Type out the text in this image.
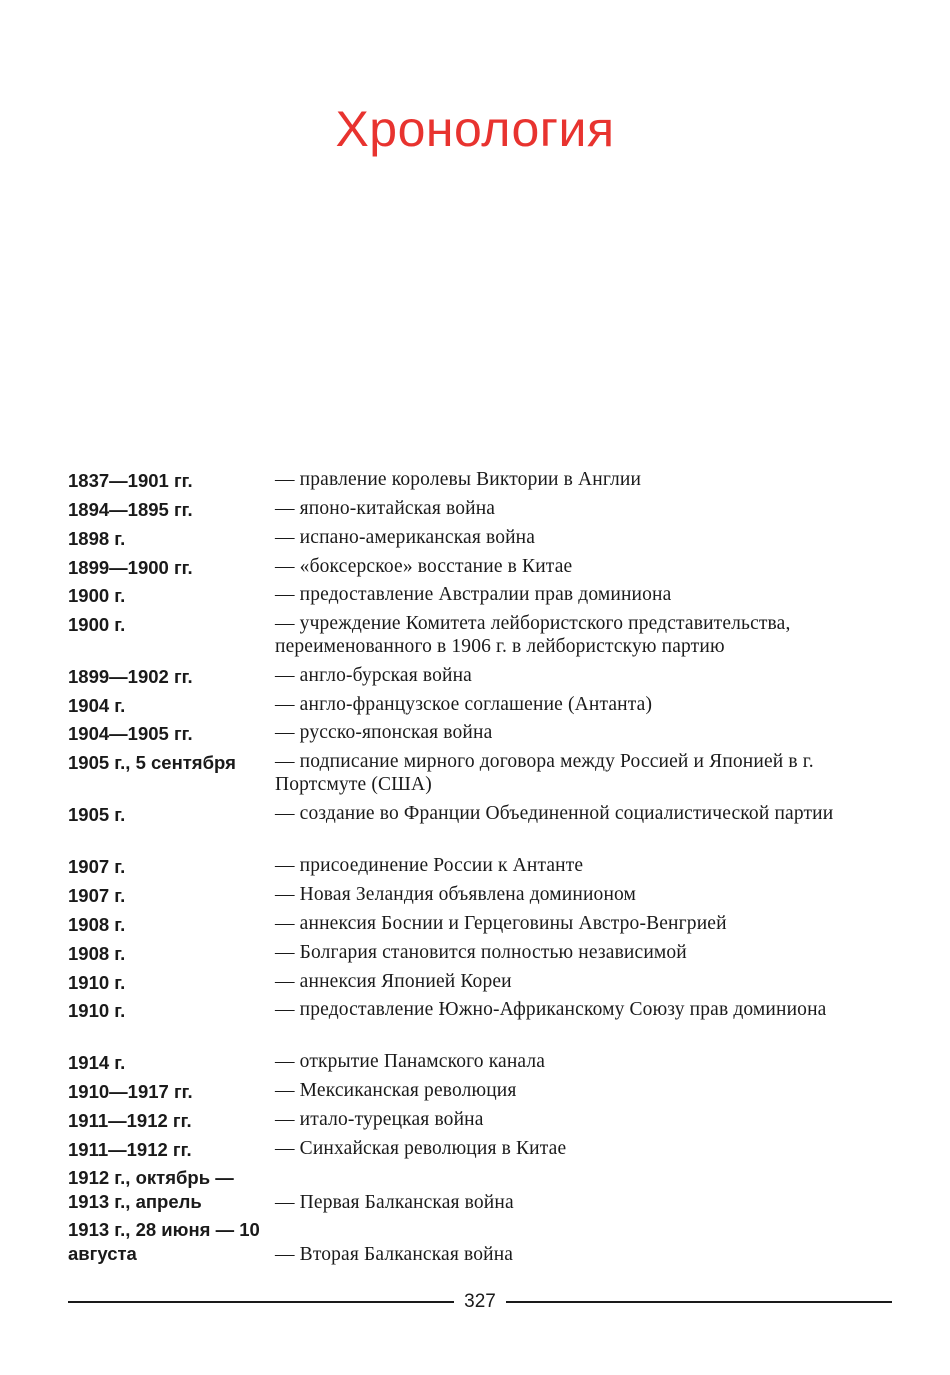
Хронология
1837—1901 гг.	— правление королевы Виктории в Англии
1894—1895 гг.	— японо-китайская война
1898 г.	— испано-американская война
1899—1900 гг.	— «боксерское» восстание в Китае
1900 г.	— предоставление Австралии прав доминиона
1900 г.	— учреждение Комитета лейбористского представительства, переименованного в 1906 г. в лейбористскую партию
1899—1902 гг.	— англо-бурская война
1904 г.	— англо-французское соглашение (Антанта)
1904—1905 гг.	— русско-японская война
1905 г., 5 сентября	— подписание мирного договора между Россией и Японией в г. Портсмуте (США)
1905 г.	— создание во Франции Объединенной социалистической партии
1907 г.	— присоединение России к Антанте
1907 г.	— Новая Зеландия объявлена доминионом
1908 г.	— аннексия Боснии и Герцеговины Австро-Венгрией
1908 г.	— Болгария становится полностью независимой
1910 г.	— аннексия Японией Кореи
1910 г.	— предоставление Южно-Африканскому Союзу прав доминиона
1914 г.	— открытие Панамского канала
1910—1917 гг.	— Мексиканская революция
1911—1912 гг.	— итало-турецкая война
1911—1912 гг.	— Синхайская революция в Китае
1912 г., октябрь — 1913 г., апрель	— Первая Балканская война
1913 г., 28 июня — 10 августа	— Вторая Балканская война
327
